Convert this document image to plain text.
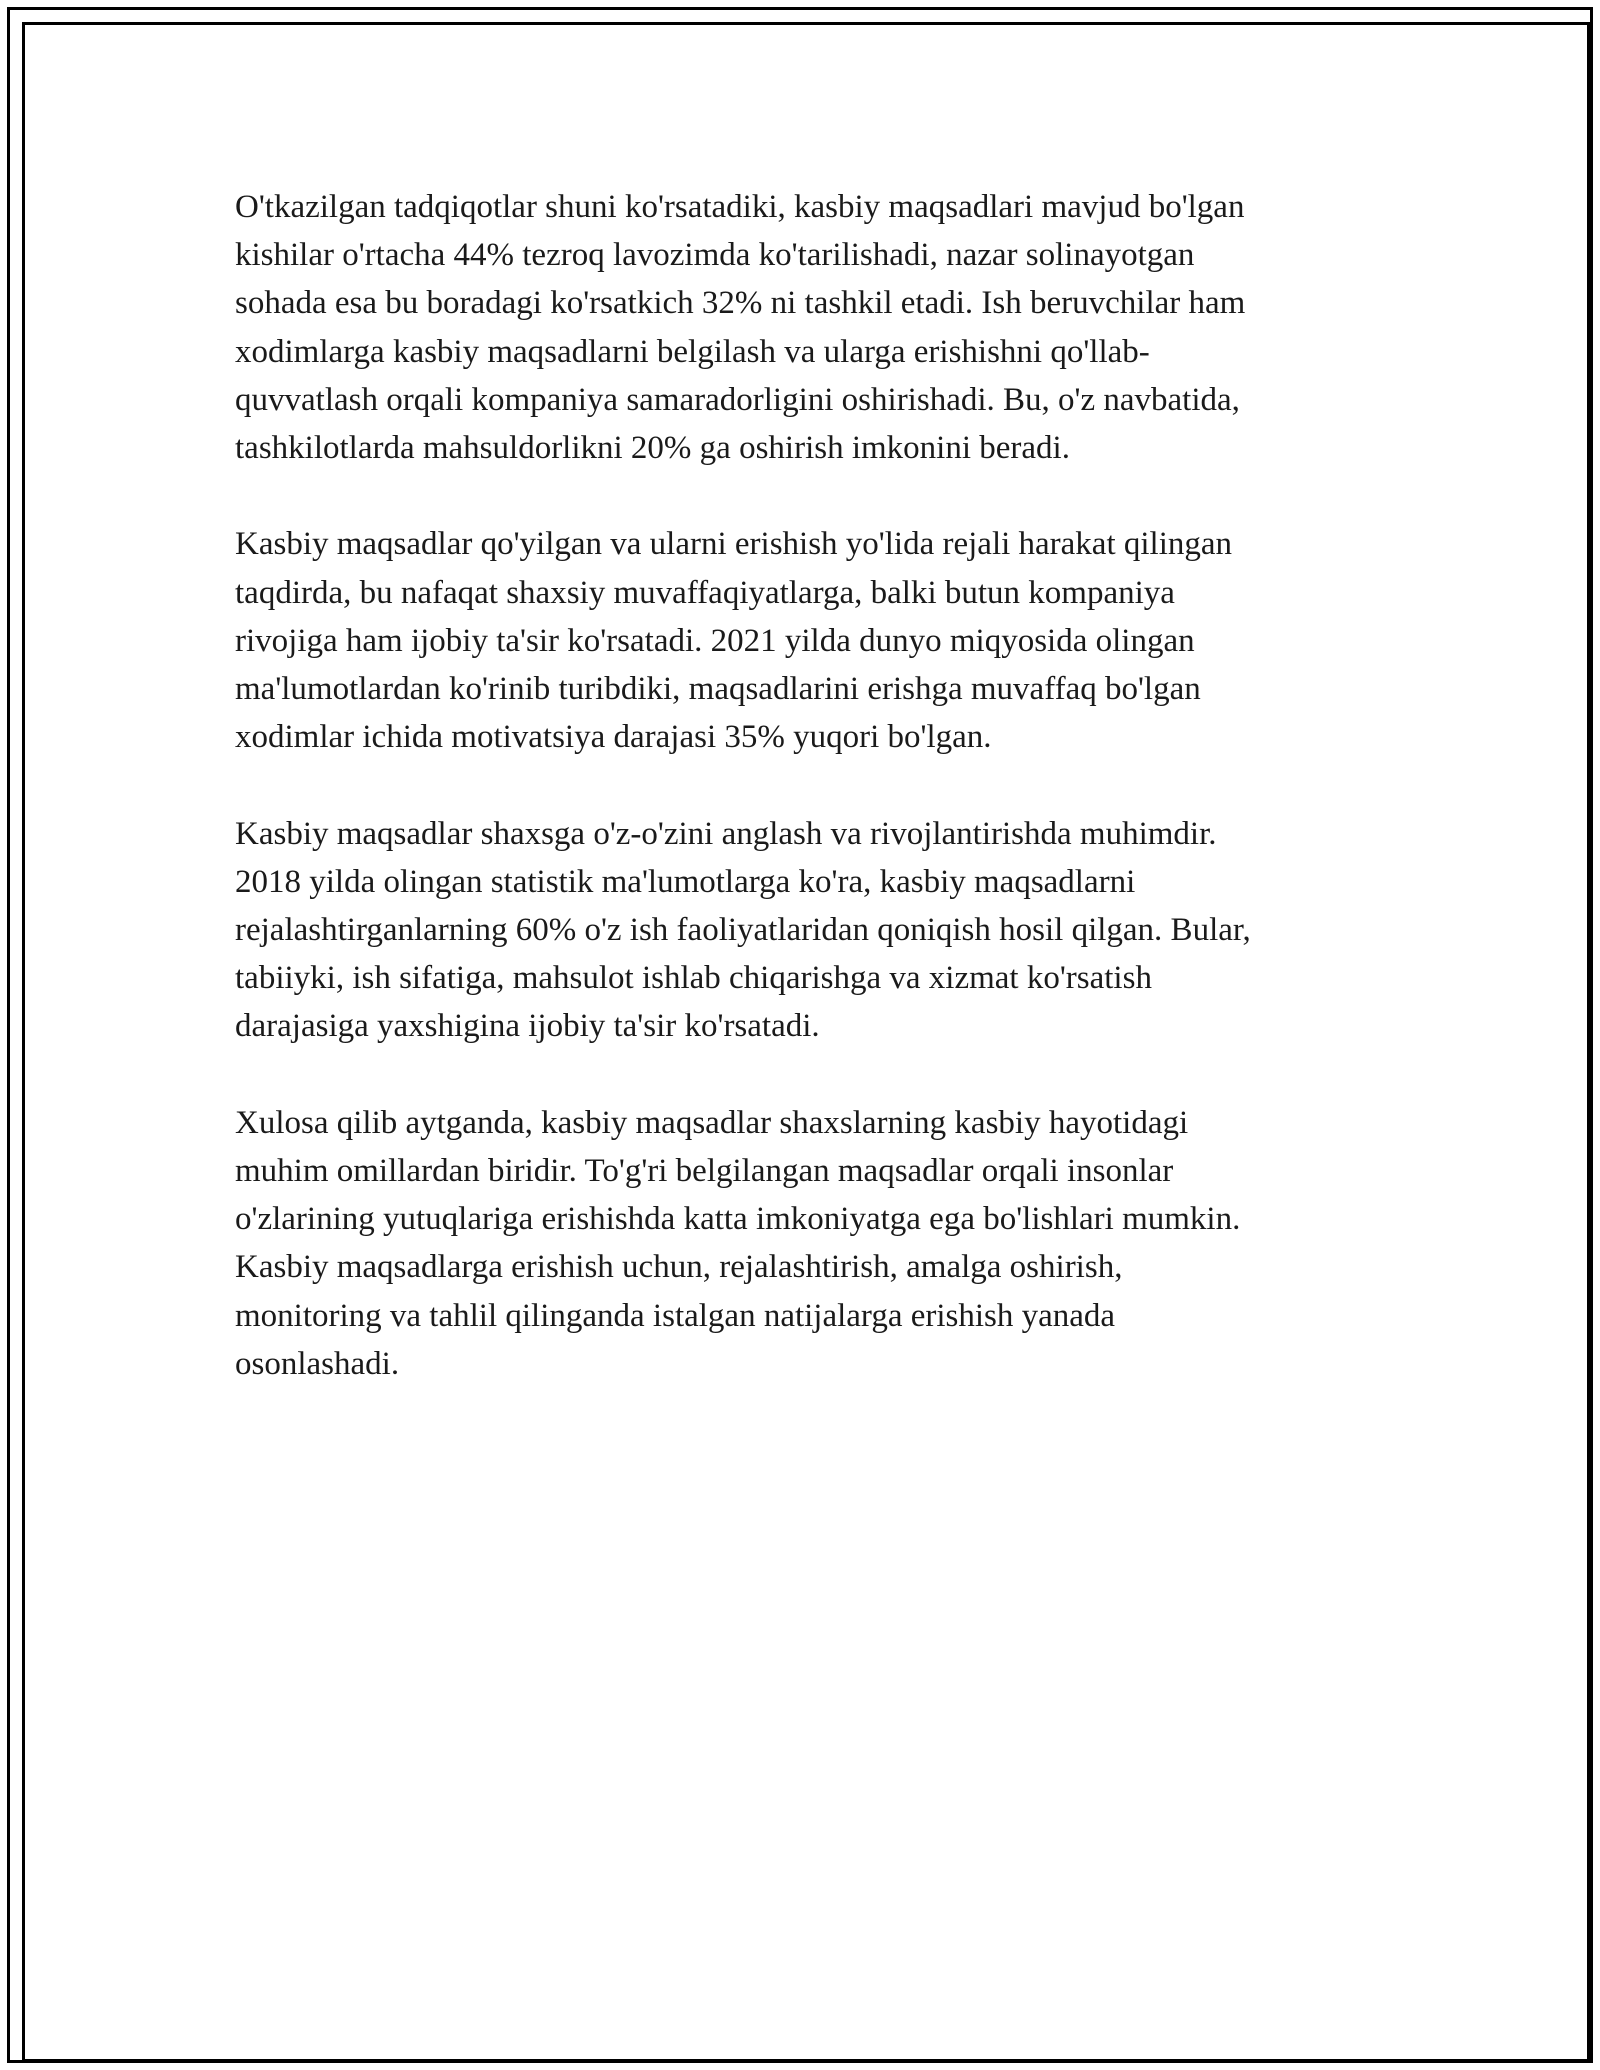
O'tkazilgan tadqiqotlar shuni ko'rsatadiki, kasbiy maqsadlari mavjud bo'lgan
kishilar o'rtacha 44% tezroq lavozimda ko'tarilishadi, nazar solinayotgan
sohada esa bu boradagi ko'rsatkich 32% ni tashkil etadi. Ish beruvchilar ham
xodimlarga kasbiy maqsadlarni belgilash va ularga erishishni qo'llab-
quvvatlash orqali kompaniya samaradorligini oshirishadi. Bu, o'z navbatida,
tashkilotlarda mahsuldorlikni 20% ga oshirish imkonini beradi.

Kasbiy maqsadlar qo'yilgan va ularni erishish yo'lida rejali harakat qilingan
taqdirda, bu nafaqat shaxsiy muvaffaqiyatlarga, balki butun kompaniya
rivojiga ham ijobiy ta'sir ko'rsatadi. 2021 yilda dunyo miqyosida olingan
ma'lumotlardan ko'rinib turibdiki, maqsadlarini erishga muvaffaq bo'lgan
xodimlar ichida motivatsiya darajasi 35% yuqori bo'lgan.

Kasbiy maqsadlar shaxsga o'z-o'zini anglash va rivojlantirishda muhimdir.
2018 yilda olingan statistik ma'lumotlarga ko'ra, kasbiy maqsadlarni
rejalashtirganlarning 60% o'z ish faoliyatlaridan qoniqish hosil qilgan. Bular,
tabiiyki, ish sifatiga, mahsulot ishlab chiqarishga va xizmat ko'rsatish
darajasiga yaxshigina ijobiy ta'sir ko'rsatadi.

Xulosa qilib aytganda, kasbiy maqsadlar shaxslarning kasbiy hayotidagi
muhim omillardan biridir. To'g'ri belgilangan maqsadlar orqali insonlar
o'zlarining yutuqlariga erishishda katta imkoniyatga ega bo'lishlari mumkin.
Kasbiy maqsadlarga erishish uchun, rejalashtirish, amalga oshirish,
monitoring va tahlil qilinganda istalgan natijalarga erishish yanada
osonlashadi.
